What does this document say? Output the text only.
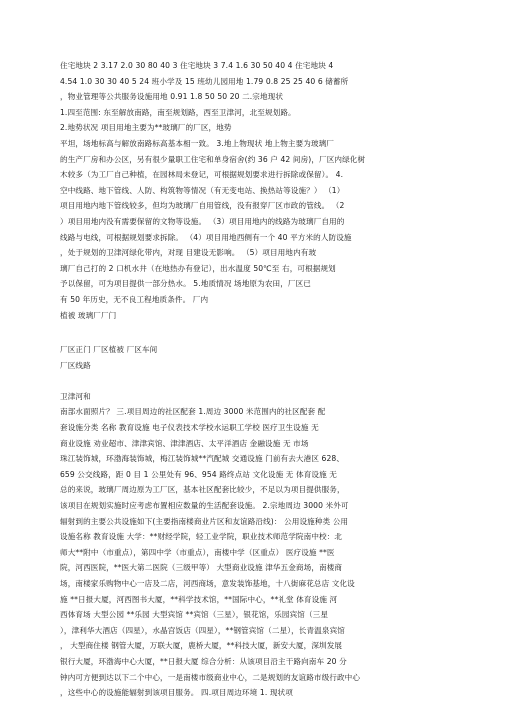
住宅地块 2 3.17 2.0 30 80 40 3 住宅地块 3 7.4 1.6 30 50 40 4 住宅地块 4
4.54 1.0 30 30 40 5 24 班小学及 15 班幼儿园用地 1.79 0.8 25 25 40 6 储蓄所
，物业管理等公共服务设施用地 0.91 1.8 50 50 20 二.宗地现状
1.四至范围: 东至解放南路，南至规划路，西至卫津河，北至规划路。
2.地势状况 项目用地主要为**玻璃厂的厂区，地势
平坦，场地标高与解放南路标高基本相一致。 3.地上物现状 地上物主要为玻璃厂
的生产厂房和办公区，另有很少量职工住宅和单身宿舍(约 36 户 42 间房)，厂区内绿化树
木较多（为工厂自己种植，在园林局未登记，可根据规划要求进行拆除或保留）。 4.
空中线路、地下管线、人防、构筑物等情况（有无变电站、换热站等设施？） （1）
项目用地内地下管线较多，但均为玻璃厂自用管线，没有报穿厂区市政的管线。 （2
）项目用地内没有需要保留的文物等设施。 （3）项目用地内的线路为玻璃厂自用的
线路与电线，可根据规划要求拆除。 （4）项目用地西侧有一个 40 平方米的人防设施
，处于规划的卫津河绿化带内，对现 目建设无影响。 （5）项目用地内有玻
璃厂自己打的 2 口机水井（在地热办有登记），出水温度 50℃至 右，可根据规划
予以保留，可为项目提供一部分热水。 5.地质情况 场地原为农田，厂区已
有 50 年历史，无不良工程地质条件。 厂内
植被 玻璃厂厂门
厂区正门 厂区植被 厂区车间
厂区线路
卫津河和
南部水面照片？ 三.项目周边的社区配套 1.周边 3000 米范围内的社区配套 配
套设施分类 名称 教育设施 电子仪表技术学校水运职工学校 医疗卫生设施 无
商业设施 劝业超市、津津宾馆、津津酒店、太平洋酒店 金融设施 无 市场
珠江装饰城，环渤海装饰城，梅江装饰城**汽配城 交通设施 门前有去大港区 628、
659 公交线路，距 0 目 1 公里处有 96、954 路终点站 文化设施 无 体育设施 无
总的来说，玻璃厂周边原为工厂区，基本社区配套比较少，不足以为项目提供服务，
该项目在规划实施时应考虑布置相应数量的生活配套设施。 2.宗地周边 3000 米外可
辐射到的主要公共设施如下(主要指南楼商业片区和友谊路沿线)： 公用设施种类 公用
设施名称 教育设施 大学：**财经学院，轻工业学院，职业技术师范学院南中校：北
师大**附中（市重点），第四中学（市重点），南楼中学（区重点） 医疗设施 **医
院，河西医院，**医大第二医院（三级甲等） 大型商业设施 津华五金商场，南楼商
场，南楼家乐购物中心一店及二店，河西商场，意发装饰基地，十八街麻花总店 文化设
施 **日报大厦，河西图书大厦，**科学技术馆，**国际中心，**礼堂 体育设施 河
西体育场 大型公园 **乐园 大型宾馆 **宾馆（三星），银花馆，乐园宾馆（三星
），津利华大酒店（四星），水晶宫饭店（四星），**钢管宾馆（二星），长青温泉宾馆
， 大型商住楼 钢管大厦，万联大厦，鹿桥大厦，**科技大厦，新安大厦，深圳发展
银行大厦，环渤海中心大厦，**日报大厦 综合分析：从该项目沿主干路向南车 20 分
钟内可方便到达以下二个中心，一是南楼市级商业中心，二是规划的友谊路市级行政中心
，这些中心的设施能辐射到该项目服务。 四.项目周边环境 1. 现状项
